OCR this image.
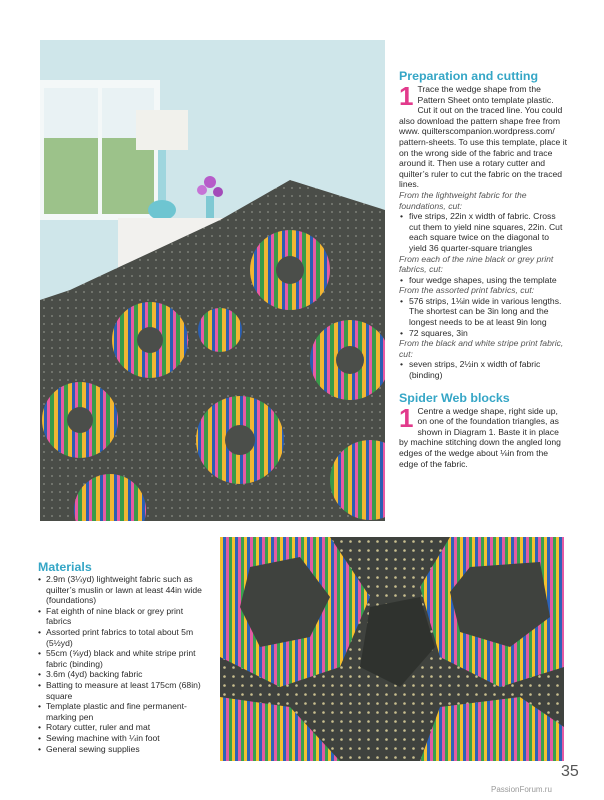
Preparation and cutting
1 Trace the wedge shape from the Pattern Sheet onto template plastic. Cut it out on the traced line. You could also download the pattern shape free from www. quilterscompanion.wordpress.com/ pattern-sheets. To use this template, place it on the wrong side of the fabric and trace around it. Then use a rotary cutter and quilter’s ruler to cut the fabric on the traced lines.

From the lightweight fabric for the foundations, cut:

• five strips, 22in x width of fabric. Cross cut them to yield nine squares, 22in. Cut each square twice on the diagonal to yield 36 quarter-square triangles

From each of the nine black or grey print fabrics, cut:

• four wedge shapes, using the template

From the assorted print fabrics, cut:

• 576 strips, 1⅛in wide in various lengths. The shortest can be 3in long and the longest needs to be at least 9in long
• 72 squares, 3in

From the black and white stripe print fabric, cut:

• seven strips, 2½in x width of fabric (binding)
Spider Web blocks
1 Centre a wedge shape, right side up, on one of the foundation triangles, as shown in Diagram 1. Baste it in place by machine stitching down the angled long edges of the wedge about ⅛in from the edge of the fabric.
Materials
• 2.9m (3¼yd) lightweight fabric such as quilter’s muslin or lawn at least 44in wide (foundations)
• Fat eighth of nine black or grey print fabrics
• Assorted print fabrics to total about 5m (5½yd)
• 55cm (⅝yd) black and white stripe print fabric (binding)
• 3.6m (4yd) backing fabric
• Batting to measure at least 175cm (68in) square
• Template plastic and fine permanent-marking pen
• Rotary cutter, ruler and mat
• Sewing machine with ¼in foot
• General sewing supplies
35
PassionForum.ru
